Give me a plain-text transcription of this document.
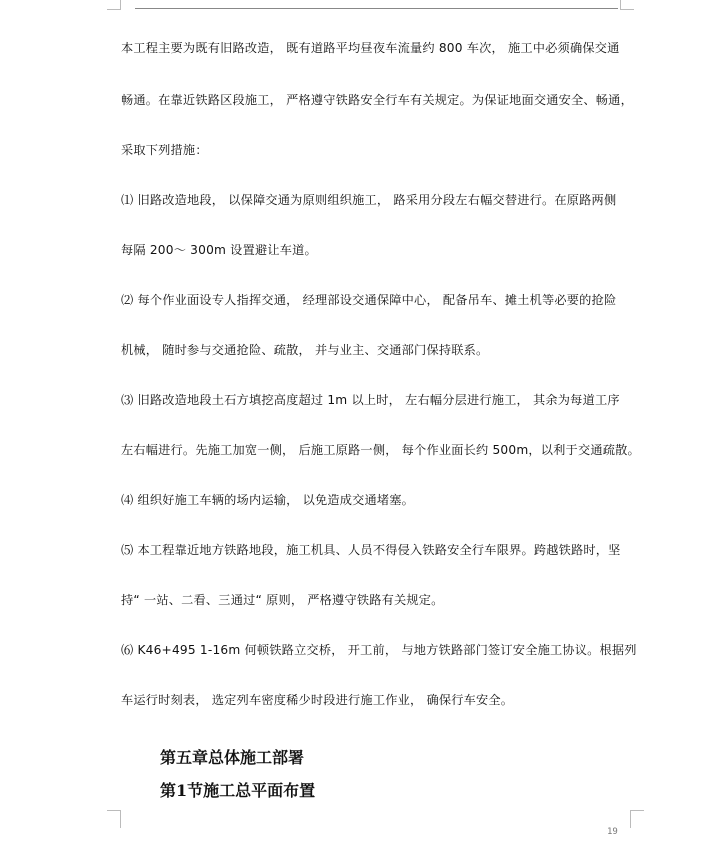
本工程主要为既有旧路改造， 既有道路平均昼夜车流量约 800 车次， 施工中必须确保交通
畅通。在靠近铁路区段施工， 严格遵守铁路安全行车有关规定。为保证地面交通安全、畅通，
采取下列措施：
⑴ 旧路改造地段， 以保障交通为原则组织施工， 路采用分段左右幅交替进行。在原路两侧
每隔 200～ 300m 设置避让车道。
⑵ 每个作业面设专人指挥交通， 经理部设交通保障中心， 配备吊车、摊土机等必要的抢险
机械， 随时参与交通抢险、疏散， 并与业主、交通部门保持联系。
⑶ 旧路改造地段土石方填挖高度超过 1m 以上时， 左右幅分层进行施工， 其余为每道工序
左右幅进行。先施工加宽一侧， 后施工原路一侧， 每个作业面长约 500m，以利于交通疏散。
⑷ 组织好施工车辆的场内运输， 以免造成交通堵塞。
⑸ 本工程靠近地方铁路地段，施工机具、人员不得侵入铁路安全行车限界。跨越铁路时，坚
持“ 一站、二看、三通过“ 原则， 严格遵守铁路有关规定。
⑹ K46+495 1-16m 何顿铁路立交桥， 开工前， 与地方铁路部门签订安全施工协议。根据列
车运行时刻表， 选定列车密度稀少时段进行施工作业， 确保行车安全。
第五章总体施工部署
第1节施工总平面布置
19
